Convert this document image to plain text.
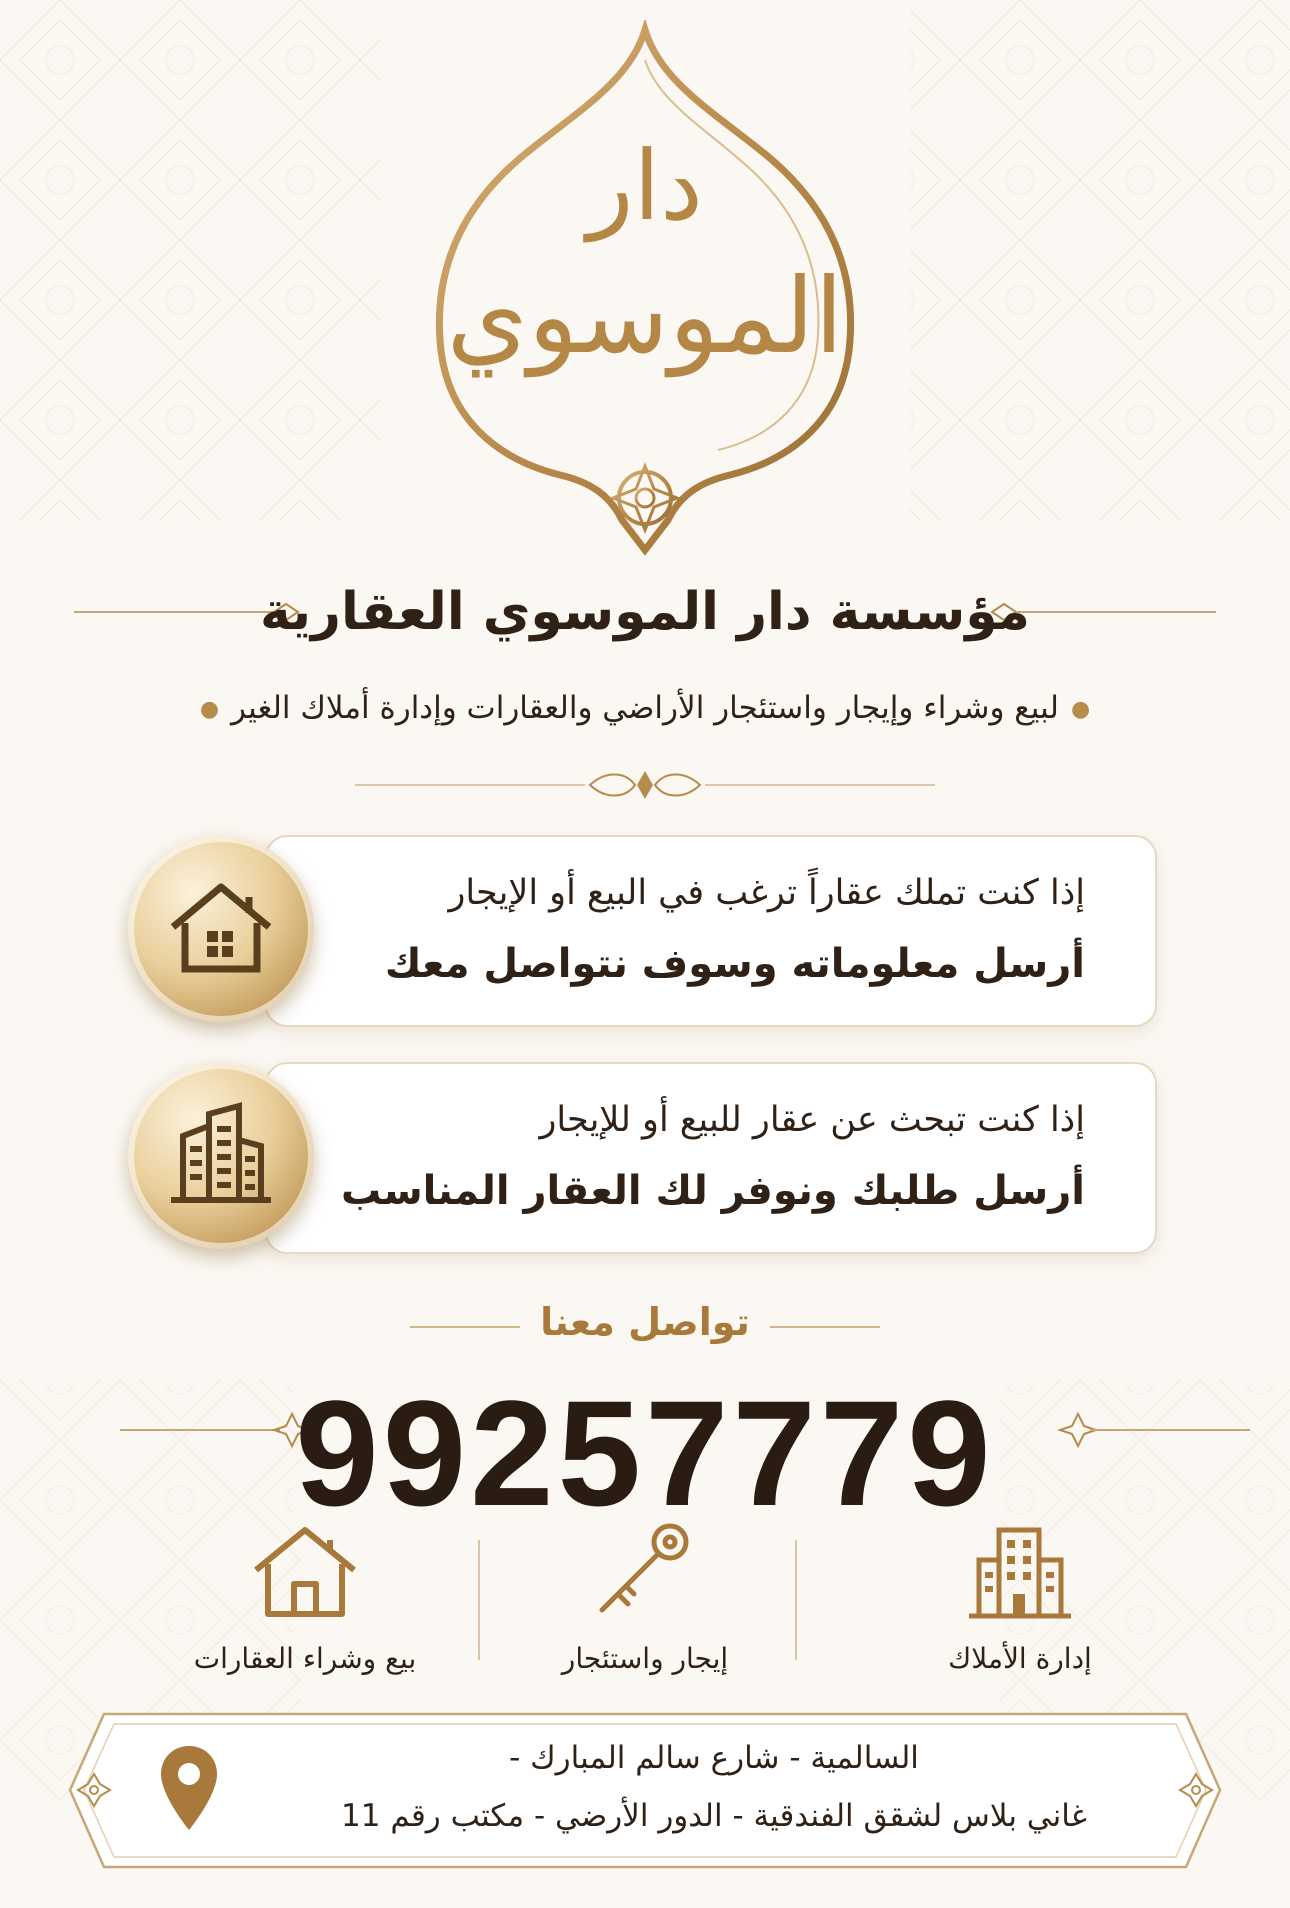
دار
الموسوي
مؤسسة دار الموسوي العقارية
●لبيع وشراء وإيجار واستئجار الأراضي والعقارات وإدارة أملاك الغير●
إذا كنت تملك عقاراً ترغب في البيع أو الإيجار
أرسل معلوماته وسوف نتواصل معك
إذا كنت تبحث عن عقار للبيع أو للإيجار
أرسل طلبك ونوفر لك العقار المناسب
تواصل معنا
99257779
إدارة الأملاك
إيجار واستئجار
بيع وشراء العقارات
السالمية - شارع سالم المبارك -
غاني بلاس لشقق الفندقية - الدور الأرضي - مكتب رقم 11
